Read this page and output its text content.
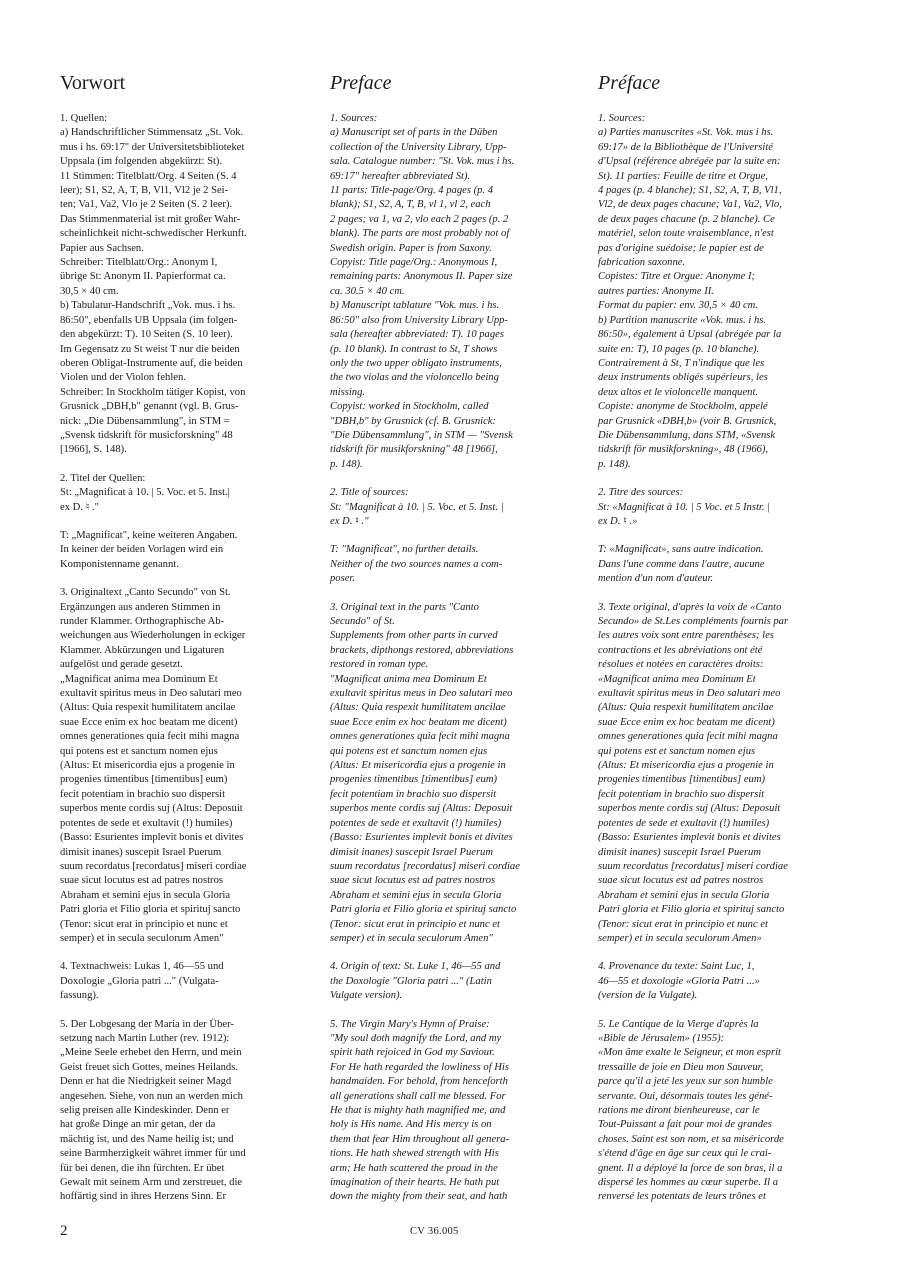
Vorwort
1. Quellen:
a) Handschriftlicher Stimmensatz „St. Vok.
mus i hs. 69:17" der Universitetsbiblioteket
Uppsala (im folgenden abgekürzt: St).
11 Stimmen: Titelblatt/Org. 4 Seiten (S. 4
leer); S1, S2, A, T, B, Vl1, Vl2 je 2 Sei-
ten; Va1, Va2, Vlo je 2 Seiten (S. 2 leer).
Das Stimmenmaterial ist mit großer Wahr-
scheinlichkeit nicht-schwedischer Herkunft.
Papier aus Sachsen.
Schreiber: Titelblatt/Org.: Anonym I,
übrige St: Anonym II. Papierformat ca.
30,5 × 40 cm.
b) Tabulatur-Handschrift „Vok. mus. i hs.
86:50", ebenfalls UB Uppsala (im folgen-
den abgekürzt: T). 10 Seiten (S. 10 leer).
Im Gegensatz zu St weist T nur die beiden
oberen Obligat-Instrumente auf, die beiden
Violen und der Violon fehlen.
Schreiber: In Stockholm tätiger Kopist, von
Grusnick „DBH,b" genannt (vgl. B. Grus-
nick: „Die Dübensammlung", in STM =
„Svensk tidskrift för musicforskning" 48
[1966], S. 148).
2. Titel der Quellen:
St: „Magnificat à 10. | 5. Voc. et 5. Inst.|
ex D. ♮ ."
T: „Magnificat", keine weiteren Angaben.
In keiner der beiden Vorlagen wird ein
Komponistenname genannt.
3. Originaltext „Canto Secundo" von St.
Ergänzungen aus anderen Stimmen in
runder Klammer. Orthographische Ab-
weichungen aus Wiederholungen in eckiger
Klammer. Abkürzungen und Ligaturen
aufgelöst und gerade gesetzt.
„Magnificat anima mea Dominum Et
exultavit spiritus meus in Deo salutari meo
(Altus: Quia respexit humilitatem ancilae
suae Ecce enim ex hoc beatam me dicent)
omnes generationes quia fecit mihi magna
qui potens est et sanctum nomen ejus
(Altus: Et misericordia ejus a progenie in
progenies timentibus [timentibus] eum)
fecit potentiam in brachio suo dispersit
superbos mente cordis suj (Altus: Deposuit
potentes de sede et exultavit (!) humiles)
(Basso: Esurientes implevit bonis et divites
dimisit inanes) suscepit Israel Puerum
suum recordatus [recordatus] miseri cordiae
suae sicut locutus est ad patres nostros
Abraham et semini ejus in secula Gloria
Patri gloria et Filio gloria et spirituj sancto
(Tenor: sicut erat in principio et nunc et
semper) et in secula seculorum Amen"
4. Textnachweis: Lukas 1, 46—55 und
Doxologie „Gloria patri ..." (Vulgata-
fassung).
5. Der Lobgesang der Maria in der Über-
setzung nach Martin Luther (rev. 1912):
„Meine Seele erhebet den Herrn, und mein
Geist freuet sich Gottes, meines Heilands.
Denn er hat die Niedrigkeit seiner Magd
angesehen. Siehe, von nun an werden mich
selig preisen alle Kindeskinder. Denn er
hat große Dinge an mir getan, der da
mächtig ist, und des Name heilig ist; und
seine Barmherzigkeit währet immer für und
für bei denen, die ihn fürchten. Er übet
Gewalt mit seinem Arm und zerstreuet, die
hoffärtig sind in ihres Herzens Sinn. Er
Preface
1. Sources:
a) Manuscript set of parts in the Düben
collection of the University Library, Upp-
sala. Catalogue number: "St. Vok. mus i hs.
69:17" hereafter abbreviated St).
11 parts: Title-page/Org. 4 pages (p. 4
blank); S1, S2, A, T, B, vl 1, vl 2, each
2 pages; va 1, va 2, vlo each 2 pages (p. 2
blank). The parts are most probably not of
Swedish origin. Paper is from Saxony.
Copyist: Title page/Org.: Anonymous I,
remaining parts: Anonymous II. Paper size
ca. 30.5 × 40 cm.
b) Manuscript tablature "Vok. mus. i hs.
86:50" also from University Library Upp-
sala (hereafter abbreviated: T). 10 pages
(p. 10 blank). In contrast to St, T shows
only the two upper obligato instruments,
the two violas and the violoncello being
missing.
Copyist: worked in Stockholm, called
"DBH,b" by Grusnick (cf. B. Grusnick:
"Die Dübensammlung", in STM — "Svensk
tidskrift för musikforskning" 48 [1966],
p. 148).
2. Title of sources:
St: "Magnificat à 10. | 5. Voc. et 5. Inst. |
ex D. ♮ ."
T: "Magnificat", no further details.
Neither of the two sources names a com-
poser.
3. Original text in the parts "Canto
Secundo" of St.
Supplements from other parts in curved
brackets, dipthongs restored, abbreviations
restored in roman type.
"Magnificat anima mea Dominum Et
exultavit spiritus meus in Deo salutari meo
(Altus: Quia respexit humilitatem ancilae
suae Ecce enim ex hoc beatam me dicent)
omnes generationes quia fecit mihi magna
qui potens est et sanctum nomen ejus
(Altus: Et misericordia ejus a progenie in
progenies timentibus [timentibus] eum)
fecit potentiam in brachio suo dispersit
superbos mente cordis suj (Altus: Deposuit
potentes de sede et exultavit (!) humiles)
(Basso: Esurientes implevit bonis et divites
dimisit inanes) suscepit Israel Puerum
suum recordatus [recordatus] miseri cordiae
suae sicut locutus est ad patres nostros
Abraham et semini ejus in secula Gloria
Patri gloria et Filio gloria et spirituj sancto
(Tenor: sicut erat in principio et nunc et
semper) et in secula seculorum Amen"
4. Origin of text: St. Luke 1, 46—55 and
the Doxologie "Gloria patri ..." (Latin
Vulgate version).
5. The Virgin Mary's Hymn of Praise:
"My soul doth magnify the Lord, and my
spirit hath rejoiced in God my Saviour.
For He hath regarded the lowliness of His
handmaiden. For behold, from henceforth
all generations shall call me blessed. For
He that is mighty hath magnified me, and
holy is His name. And His mercy is on
them that fear Him throughout all genera-
tions. He hath shewed strength with His
arm; He hath scattered the proud in the
imagination of their hearts. He hath put
down the mighty from their seat, and hath
Préface
1. Sources:
a) Parties manuscrites «St. Vok. mus i hs.
69:17» de la Bibliothèque de l'Université
d'Upsal (référence abrégée par la suite en:
St). 11 parties: Feuille de titre et Orgue,
4 pages (p. 4 blanche); S1, S2, A, T, B, Vl1,
Vl2, de deux pages chacune; Va1, Va2, Vlo,
de deux pages chacune (p. 2 blanche). Ce
matériel, selon toute vraisemblance, n'est
pas d'origine suédoise; le papier est de
fabrication saxonne.
Copistes: Titre et Orgue: Anonyme I;
autres parties: Anonyme II.
Format du papier: env. 30,5 × 40 cm.
b) Partition manuscrite «Vok. mus. i hs.
86:50», également à Upsal (abrégée par la
suite en: T), 10 pages (p. 10 blanche).
Contrairement à St, T n'indique que les
deux instruments obligés supérieurs, les
deux altos et le violoncelle manquent.
Copiste: anonyme de Stockholm, appelé
par Grusnick «DBH,b» (voir B. Grusnick,
Die Dübensammlung, dans STM, «Svensk
tidskrift för musikforskning», 48 (1966),
p. 148).
2. Titre des sources:
St: «Magnificat à 10. | 5 Voc. et 5 Instr. |
ex D. ♮ .»
T: «Magnificat», sans autre indication.
Dans l'une comme dans l'autre, aucune
mention d'un nom d'auteur.
3. Texte original, d'après la voix de «Canto
Secundo» de St.Les compléments fournis par
les autres voix sont entre parenthèses; les
contractions et les abréviations ont été
résolues et notées en caractères droits:
«Magnificat anima mea Dominum Et
exultavit spiritus meus in Deo salutari meo
(Altus: Quia respexit humilitatem ancilae
suae Ecce enim ex hoc beatam me dicent)
omnes generationes quia fecit mihi magna
qui potens est et sanctum nomen ejus
(Altus: Et misericordia ejus a progenie in
progenies timentibus [timentibus] eum)
fecit potentiam in brachio suo dispersit
superbos mente cordis suj (Altus: Deposuit
potentes de sede et exultavit (!) humiles)
(Basso: Esurientes implevit bonis et divites
dimisit inanes) suscepit Israel Puerum
suum recordatus [recordatus] miseri cordiae
suae sicut locutus est ad patres nostros
Abraham et semini ejus in secula Gloria
Patri gloria et Filio gloria et spirituj sancto
(Tenor: sicut erat in principio et nunc et
semper) et in secula seculorum Amen»
4. Provenance du texte: Saint Luc, 1,
46—55 et doxologie «Gloria Patri ...»
(version de la Vulgate).
5. Le Cantique de la Vierge d'après la
«Bible de Jérusalem» (1955):
«Mon âme exalte le Seigneur, et mon esprit
tressaille de joie en Dieu mon Sauveur,
parce qu'il a jeté les yeux sur son humble
servante. Oui, désormais toutes les géné-
rations me diront bienheureuse, car le
Tout-Puissant a fait pour moi de grandes
choses. Saint est son nom, et sa miséricorde
s'étend d'âge en âge sur ceux qui le crai-
gnent. Il a déployé la force de son bras, il a
dispersé les hommes au cœur superbe. Il a
renversé les potentats de leurs trônes et
2	CV 36.005
